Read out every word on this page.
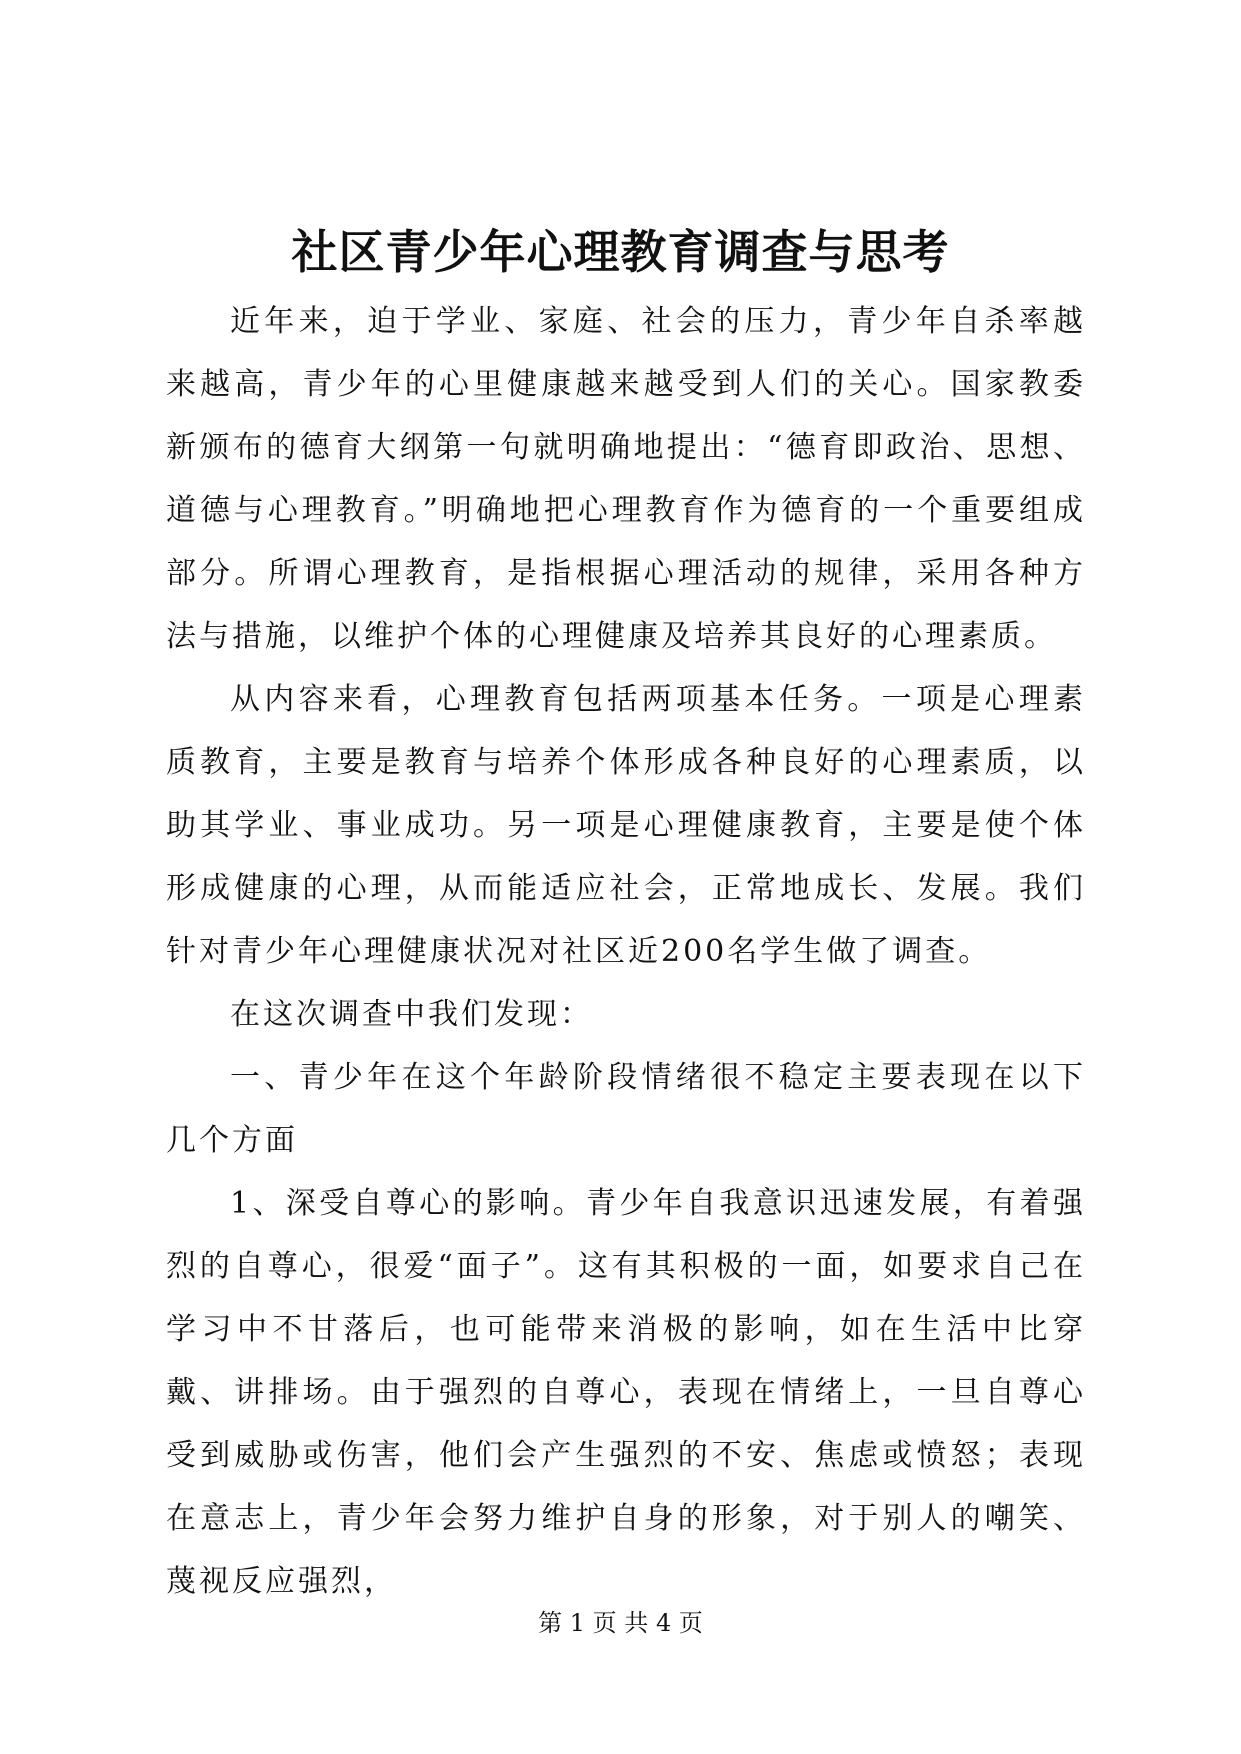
社区青少年心理教育调查与思考

近年来，迫于学业、家庭、社会的压力，青少年自杀率越来越高，青少年的心里健康越来越受到人们的关心。国家教委新颁布的德育大纲第一句就明确地提出：“德育即政治、思想、道德与心理教育。”明确地把心理教育作为德育的一个重要组成部分。所谓心理教育，是指根据心理活动的规律，采用各种方法与措施，以维护个体的心理健康及培养其良好的心理素质。

从内容来看，心理教育包括两项基本任务。一项是心理素质教育，主要是教育与培养个体形成各种良好的心理素质，以助其学业、事业成功。另一项是心理健康教育，主要是使个体形成健康的心理，从而能适应社会，正常地成长、发展。我们针对青少年心理健康状况对社区近200名学生做了调查。

在这次调查中我们发现：

一、青少年在这个年龄阶段情绪很不稳定主要表现在以下几个方面

1、深受自尊心的影响。青少年自我意识迅速发展，有着强烈的自尊心，很爱“面子”。这有其积极的一面，如要求自己在学习中不甘落后，也可能带来消极的影响，如在生活中比穿戴、讲排场。由于强烈的自尊心，表现在情绪上，一旦自尊心受到威胁或伤害，他们会产生强烈的不安、焦虑或愤怒；表现在意志上，青少年会努力维护自身的形象，对于别人的嘲笑、蔑视反应强烈，

第 1 页 共 4 页
